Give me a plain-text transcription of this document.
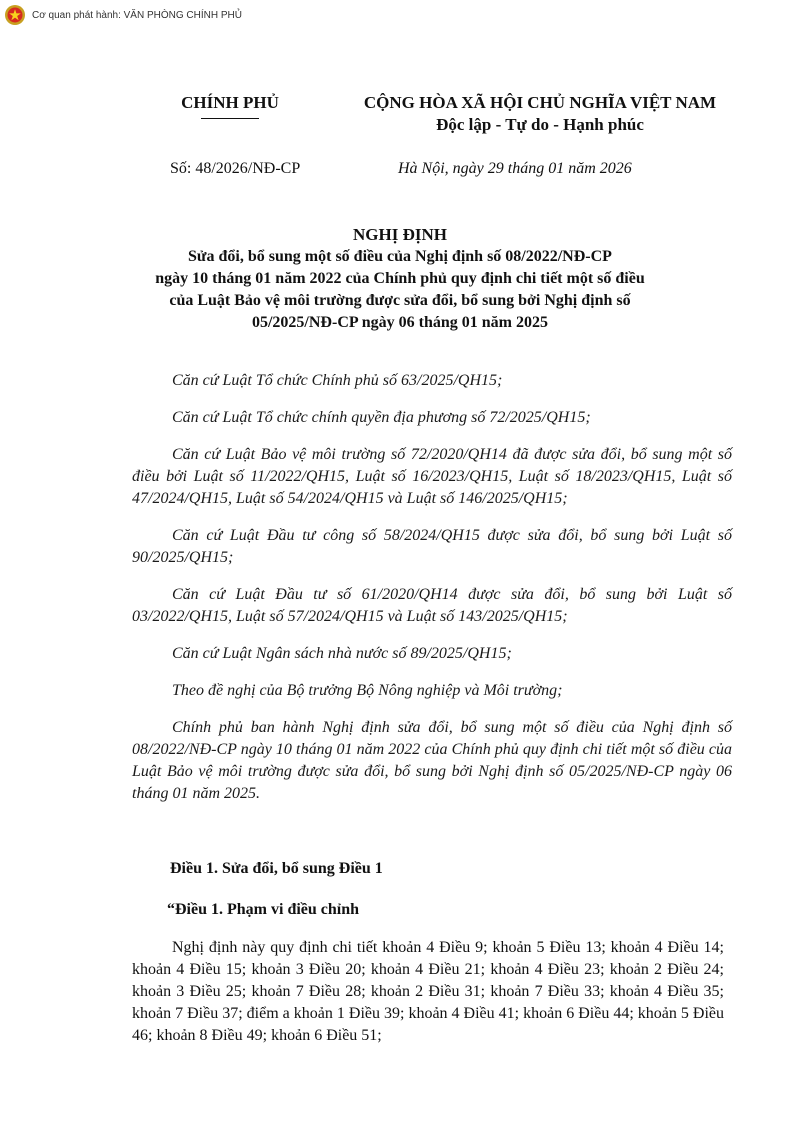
Cơ quan phát hành: VĂN PHÒNG CHÍNH PHỦ
CHÍNH PHỦ	CỘNG HÒA XÃ HỘI CHỦ NGHĨA VIỆT NAM
Độc lập - Tự do - Hạnh phúc
Số: 48/2026/NĐ-CP	Hà Nội, ngày 29 tháng 01 năm 2026
NGHỊ ĐỊNH
Sửa đổi, bổ sung một số điều của Nghị định số 08/2022/NĐ-CP
ngày 10 tháng 01 năm 2022 của Chính phủ quy định chi tiết một số điều
của Luật Bảo vệ môi trường được sửa đổi, bổ sung bởi Nghị định số
05/2025/NĐ-CP ngày 06 tháng 01 năm 2025

Căn cứ Luật Tổ chức Chính phủ số 63/2025/QH15;

Căn cứ Luật Tổ chức chính quyền địa phương số 72/2025/QH15;

Căn cứ Luật Bảo vệ môi trường số 72/2020/QH14 đã được sửa đổi, bổ sung một số điều bởi Luật số 11/2022/QH15, Luật số 16/2023/QH15, Luật số 18/2023/QH15, Luật số 47/2024/QH15, Luật số 54/2024/QH15 và Luật số 146/2025/QH15;

Căn cứ Luật Đầu tư công số 58/2024/QH15 được sửa đổi, bổ sung bởi Luật số 90/2025/QH15;

Căn cứ Luật Đầu tư số 61/2020/QH14 được sửa đổi, bổ sung bởi Luật số 03/2022/QH15, Luật số 57/2024/QH15 và Luật số 143/2025/QH15;

Căn cứ Luật Ngân sách nhà nước số 89/2025/QH15;

Theo đề nghị của Bộ trưởng Bộ Nông nghiệp và Môi trường;

Chính phủ ban hành Nghị định sửa đổi, bổ sung một số điều của Nghị định số 08/2022/NĐ-CP ngày 10 tháng 01 năm 2022 của Chính phủ quy định chi tiết một số điều của Luật Bảo vệ môi trường được sửa đổi, bổ sung bởi Nghị định số 05/2025/NĐ-CP ngày 06 tháng 01 năm 2025.

Điều 1. Sửa đổi, bổ sung Điều 1
“Điều 1. Phạm vi điều chỉnh

Nghị định này quy định chi tiết khoản 4 Điều 9; khoản 5 Điều 13; khoản 4 Điều 14; khoản 4 Điều 15; khoản 3 Điều 20; khoản 4 Điều 21; khoản 4 Điều 23; khoản 2 Điều 24; khoản 3 Điều 25; khoản 7 Điều 28; khoản 2 Điều 31; khoản 7 Điều 33; khoản 4 Điều 35; khoản 7 Điều 37; điểm a khoản 1 Điều 39; khoản 4 Điều 41; khoản 6 Điều 44; khoản 5 Điều 46; khoản 8 Điều 49; khoản 6 Điều 51;
